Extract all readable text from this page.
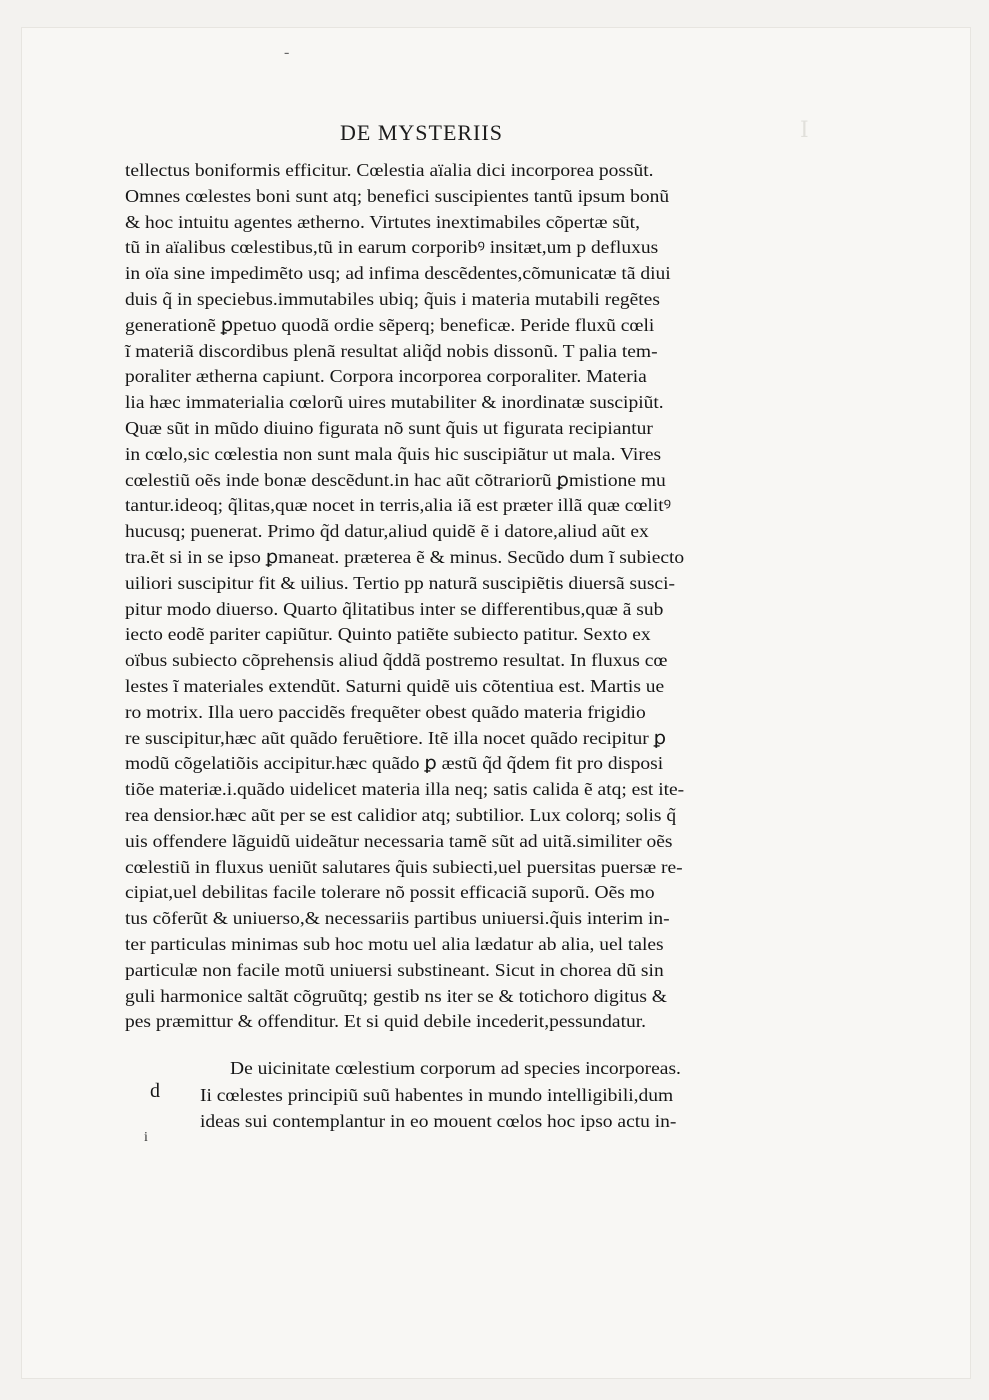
-
I
DE MYSTERIIS
tellectus boniformis efficitur. Cœlestia aïalia dici incorporea possũt.
Omnes cœlestes boni sunt atq; benefici suscipientes tantũ ipsum bonũ
& hoc intuitu agentes ætherno. Virtutes inextimabiles cõpertæ sũt,
tũ in aïalibus cœlestibus,tũ in earum corporibꝰ insitæt,um p defluxus
in oïa sine impedimẽto usq; ad infima descẽdentes,cõmunicatæ tã diui
duis q̃ in speciebus.immutabiles ubiq; q̃uis i materia mutabili regẽtes
generationẽ ꝑpetuo quodã ordie sẽperq; beneficæ. Peride fluxũ cœli
ĩ materiã discordibus plenã resultat aliq̃d nobis dissonũ. T palia tem-
poraliter ætherna capiunt. Corpora incorporea corporaliter. Materia
lia hæc immaterialia cœlorũ uires mutabiliter & inordinatæ suscipiũt.
Quæ sũt in mũdo diuino figurata nõ sunt q̃uis ut figurata recipiantur
in cœlo,sic cœlestia non sunt mala q̃uis hic suscipiãtur ut mala. Vires
cœlestiũ oẽs inde bonæ descẽdunt.in hac aũt cõtrariorũ ꝑmistione mu
tantur.ideoq; q̃litas,quæ nocet in terris,alia iã est præter illã quæ cœlitꝰ
hucusq; puenerat. Primo q̃d datur,aliud quidẽ ẽ i datore,aliud aũt ex
tra.ẽt si in se ipso ꝑmaneat. præterea ẽ & minus. Secũdo dum ĩ subiecto
uiliori suscipitur fit & uilius. Tertio pp naturã suscipiẽtis diuersã susci-
pitur modo diuerso. Quarto q̃litatibus inter se differentibus,quæ ã sub
iecto eodẽ pariter capiũtur. Quinto patiẽte subiecto patitur. Sexto ex
oïbus subiecto cõprehensis aliud q̃ddã postremo resultat. In fluxus cœ
lestes ĩ materiales extendũt. Saturni quidẽ uis cõtentiua est. Martis ue
ro motrix. Illa uero paccidẽs frequẽter obest quãdo materia frigidio
re suscipitur,hæc aũt quãdo feruẽtiore. Itẽ illa nocet quãdo recipitur ꝑ
modũ cõgelatiõis accipitur.hæc quãdo ꝑ æstũ q̃d q̃dem fit pro disposi
tiõe materiæ.i.quãdo uidelicet materia illa neq; satis calida ẽ atq; est ite-
rea densior.hæc aũt per se est calidior atq; subtilior. Lux colorq; solis q̃
uis offendere lãguidũ uideãtur necessaria tamẽ sũt ad uitã.similiter oẽs
cœlestiũ in fluxus ueniũt salutares q̃uis subiecti,uel puersitas puersæ re-
cipiat,uel debilitas facile tolerare nõ possit efficaciã suporũ. Oẽs mo
tus cõferũt & uniuerso,& necessariis partibus uniuersi.q̃uis interim in-
ter particulas minimas sub hoc motu uel alia lædatur ab alia, uel tales
particulæ non facile motũ uniuersi substineant. Sicut in chorea dũ sin
guli harmonice saltãt cõgruũtq; gestib ns iter se & totichoro digitus &
pes præmittur & offenditur. Et si quid debile incederit,pessundatur.
De uicinitate cœlestium corporum ad species incorporeas.
d Ii cœlestes principiũ suũ habentes in mundo intelligibili,dum
ideas sui contemplantur in eo mouent cœlos hoc ipso actu in-
i
